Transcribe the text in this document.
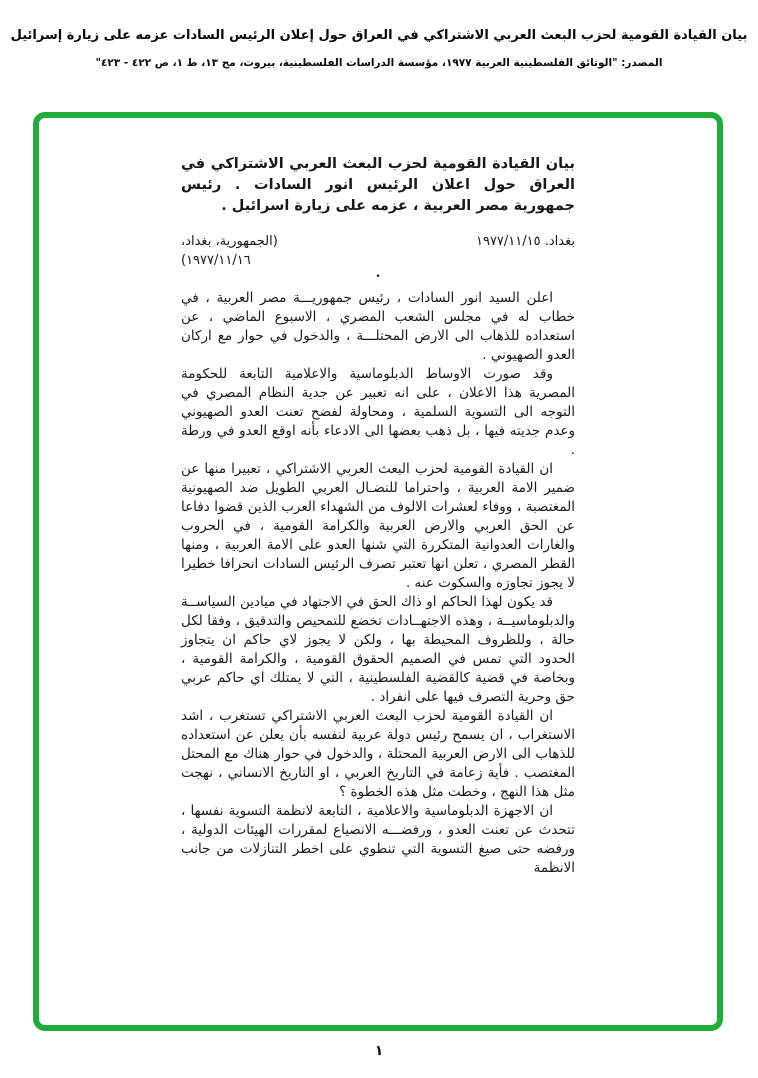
بيان القيادة القومية لحزب البعث العربي الاشتراكي في العراق حول إعلان الرئيس السادات عزمه على زيارة إسرائيل
المصدر: "الوثائق الفلسطينية العربية ١٩٧٧، مؤسسة الدراسات الفلسطينية، بيروت، مج ١٣، ط ١، ص ٤٢٢ - ٤٢٣"
بيان القيادة القومية لحزب البعث العربي الاشتراكي في العراق حول اعلان الرئيس انور السادات . رئيس جمهورية مصر العربية ، عزمه على زيارة اسرائيل .
بغداد. ١٩٧٧/١١/١٥
(الجمهورية، بغداد، ١٩٧٧/١١/١٦)
•

اعلن السيد انور السادات ، رئيس جمهوريـــة مصر العربية ، في خطاب له في مجلس الشعب المصري ، الاسبوع الماضي ، عن استعداده للذهاب الى الارض المحتلـــة ، والدخول في حوار مع اركان العدو الصهيوني .

وقد صورت الاوساط الدبلوماسية والاعلامية التابعة للحكومة المصرية هذا الاعلان ، على انه تعبير عن جدية النظام المصري في التوجه الى التسوية السلمية ، ومحاولة لفضح تعنت العدو الصهيوني وعدم جديته فيها ، بل ذهب بعضها الى الادعاء بأنه اوقع العدو في ورطة .

ان القيادة القومية لحزب البعث العربي الاشتراكي ، تعبيرا منها عن ضمير الامة العربية ، واحتراما للنضـال العربي الطويل ضد الصهيونية المغتصبة ، ووفاء لعشرات الالوف من الشهداء العرب الذين قضوا دفاعا عن الحق العربي والارض العربية والكرامة القومية ، في الحروب والغارات العدوانية المتكررة التي شنها العدو على الامة العربية ، ومنها القطر المصري ، تعلن انها تعتبر تصرف الرئيس السادات انحرافا خطيرا لا يجوز تجاوزه والسكوت عنه .

قد يكون لهذا الحاكم او ذاك الحق في الاجتهاد في ميادين السياســة والدبلوماسيــة ، وهذه الاجتهــادات تخضع للتمحيص والتدقيق ، وفقا لكل حالة ، وللظروف المحيطة بها ، ولكن لا يجوز لاي حاكم ان يتجاوز الحدود التي تمس في الصميم الحقوق القومية ، والكرامة القومية ، وبخاصة في قضية كالقضية الفلسطينية ، التي لا يمتلك اي حاكم عربي حق وحرية التصرف فيها على انفراد .

ان القيادة القومية لحزب البعث العربي الاشتراكي تستغرب ، اشد الاستغراب ، ان يسمح رئيس دولة عربية لنفسه بأن يعلن عن استعداده للذهاب الى الارض العربية المحتلة ، والدخول في حوار هناك مع المحتل المغتصب . فأية زعامة في التاريخ العربي ، او التاريخ الانساني ، نهجت مثل هذا النهج ، وخطت مثل هذه الخطوة ؟

ان الاجهزة الدبلوماسية والاعلامية ، التابعة لانظمة التسوية نفسها ، تتحدث عن تعنت العدو ، ورفضـــه الانصياع لمقررات الهيئات الدولية ، ورفضه حتى صيغ التسوية التي تنطوي على اخطر التنازلات من جانب الانظمة

١
